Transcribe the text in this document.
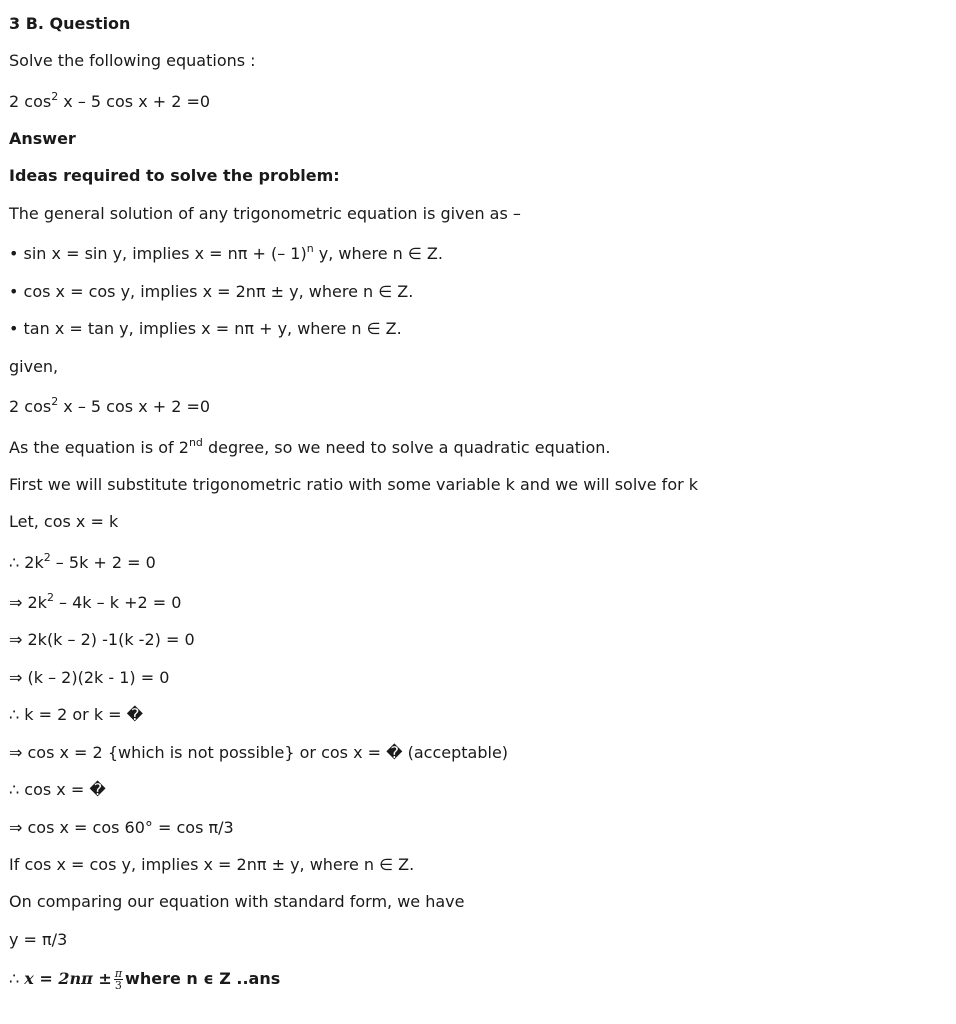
3 B. Question
Solve the following equations :
2 $\cos^2 x - 5$ cos x + 2 =0
Answer
Ideas required to solve the problem:
The general solution of any trigonometric equation is given as –
• sin x = sin y, implies x = nπ + (– 1)$^n$ y, where n ∈ Z.
• cos x = cos y, implies x = 2nπ ± y, where n ∈ Z.
• tan x = tan y, implies x = nπ + y, where n ∈ Z.
given,
2 $\cos^2 x - 5$ cos x + 2 =0
As the equation is of 2nd degree, so we need to solve a quadratic equation.
First we will substitute trigonometric ratio with some variable k and we will solve for k
Let, cos x = k
∴ $2k^2 - 5k + 2 = 0$
⇒ $2k^2 - 4k - k +2 = 0$
⇒ 2k(k – 2) -1(k -2) = 0
⇒ (k – 2)(2k - 1) = 0
∴ k = 2 or k = �
⇒ cos x = 2 {which is not possible} or cos x = � (acceptable)
∴ cos x = �
⇒ cos x = cos 60° = cos π/3
If cos x = cos y, implies x = 2nπ ± y, where n ∈ Z.
On comparing our equation with standard form, we have
y = π/3
∴ $x = 2n\pi \pm \frac{\pi}{3}$ where n ϵ Z ..ans
